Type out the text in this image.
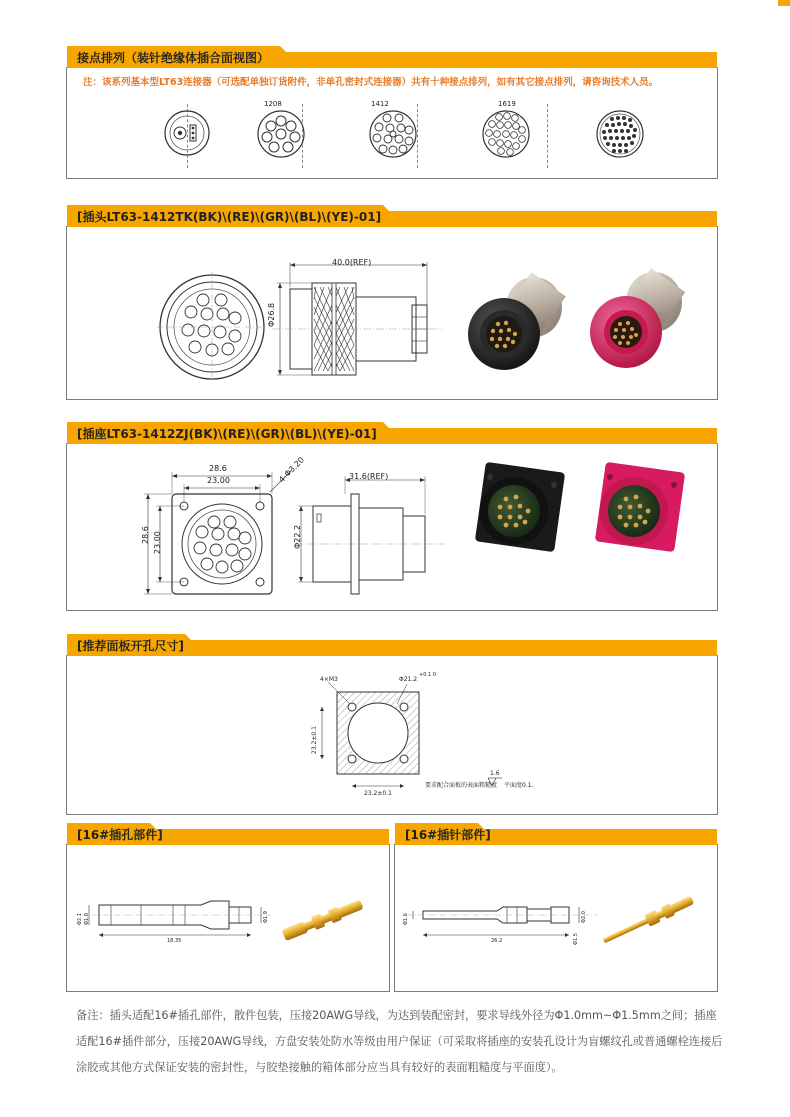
接点排列（装针绝缘体插合面视图）
注：该系列基本型LT63连接器（可选配单独订货附件，非单孔密封式连接器）共有十种接点排列，如有其它接点排列，请咨询技术人员。
1208	1412	1619
[插头LT63-1412TK(BK)\(RE)\(GR)\(BL)\(YE)-01]
40.0(REF)
Φ26.8
[插座LT63-1412ZJ(BK)\(RE)\(GR)\(BL)\(YE)-01]
28.6
23.00	4-Φ3.20
28.6 23.00
31.6(REF)
Φ22.2
[推荐面板开孔尺寸]
4×M3	Φ21.2
+0.1 0
23.2±0.1
23.2±0.1
要求配合面板的表面粗糙度
1.6
平面度0.1。
[16#插孔部件]
Φ2.1 Φ1.0
18.35
Φ1.9
[16#插针部件]
Φ1.6
26.2
Φ2.0
Φ1.5
备注：插头适配16#插孔部件，散件包装，压接20AWG导线，为达到装配密封，要求导线外径为Φ1.0mm~Φ1.5mm之间；插座适配16#插件部分，压接20AWG导线，方盘安装处防水等级由用户保证（可采取将插座的安装孔设计为盲螺纹孔或普通螺栓连接后涂胶或其他方式保证安装的密封性，与胶垫接触的箱体部分应当具有较好的表面粗糙度与平面度）。
